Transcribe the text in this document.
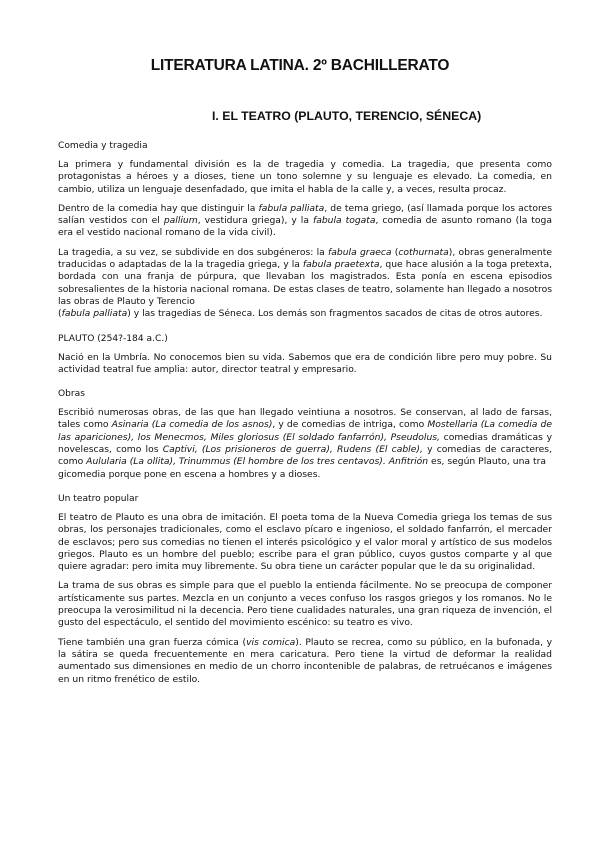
LITERATURA LATINA. 2º BACHILLERATO
I. EL TEATRO (PLAUTO, TERENCIO, SÉNECA)
Comedia y tragedia

La primera y fundamental división es la de tragedia y comedia. La tragedia, que presenta como protagonistas a héroes y a dioses, tiene un tono solemne y su lenguaje es elevado. La comedia, en cambio, utiliza un lenguaje desenfadado, que imita el habla de la calle y, a veces, resulta procaz.

Dentro de la comedia hay que distinguir la fabula palliata, de tema griego, (así llamada porque los actores salían vestidos con el pallium, vestidura griega), y la fabula togata, comedia de asunto romano (la toga era el vestido nacional romano de la vida civil).

La tragedia, a su vez, se subdivide en dos subgéneros: la fabula graeca (cothurnata), obras generalmente traducidas o adaptadas de la la tragedia griega, y la fabula praetexta, que hace alusión a la toga pretexta, bordada con una franja de púrpura, que llevaban los magistrados. Esta ponía en escena episodios sobresalientes de la historia nacional romana. De estas clases de teatro, solamente han llegado a nosotros las obras de Plauto y Terencio
(fabula palliata) y las tragedias de Séneca. Los demás son fragmentos sacados de citas de otros autores.

PLAUTO (254?-184 a.C.)

Nació en la Umbría. No conocemos bien su vida. Sabemos que era de condición libre pero muy pobre. Su actividad teatral fue amplia: autor, director teatral y empresario.

Obras

Escribió numerosas obras, de las que han llegado veintiuna a nosotros. Se conservan, al lado de farsas, tales como Asinaria (La comedia de los asnos), y de comedias de intriga, como Mostellaria (La comedia de las apariciones), los Menecmos, Miles gloriosus (El soldado fanfarrón), Pseudolus, comedias dramáticas y novelescas, como los Captivi, (Los prisioneros de guerra), Rudens (El cable), y comedias de caracteres, como Aulularia (La ollita), Trinummus (El hombre de los tres centavos). Anfitrión es, según Plauto, una tra
gicomedia porque pone en escena a hombres y a dioses.

Un teatro popular

El teatro de Plauto es una obra de imitación. El poeta toma de la Nueva Comedia griega los temas de sus obras, los personajes tradicionales, como el esclavo pícaro e ingenioso, el soldado fanfarrón, el mercader de esclavos; pero sus comedias no tienen el interés psicológico y el valor moral y artístico de sus modelos griegos. Plauto es un hombre del pueblo; escribe para el gran público, cuyos gustos comparte y al que quiere agradar: pero imita muy libremente. Su obra tiene un carácter popular que le da su originalidad.

La trama de sus obras es simple para que el pueblo la entienda fácilmente. No se preocupa de componer artísticamente sus partes. Mezcla en un conjunto a veces confuso los rasgos griegos y los romanos. No le preocupa la verosimilitud ni la decencia. Pero tiene cualidades naturales, una gran riqueza de invención, el gusto del espectáculo, el sentido del movimiento escénico: su teatro es vivo.

Tiene también una gran fuerza cómica (vis comica). Plauto se recrea, como su público, en la bufonada, y la sátira se queda frecuentemente en mera caricatura. Pero tiene la virtud de deformar la realidad aumentado sus dimensiones en medio de un chorro incontenible de palabras, de retruécanos e imágenes en un ritmo frenético de estilo.
